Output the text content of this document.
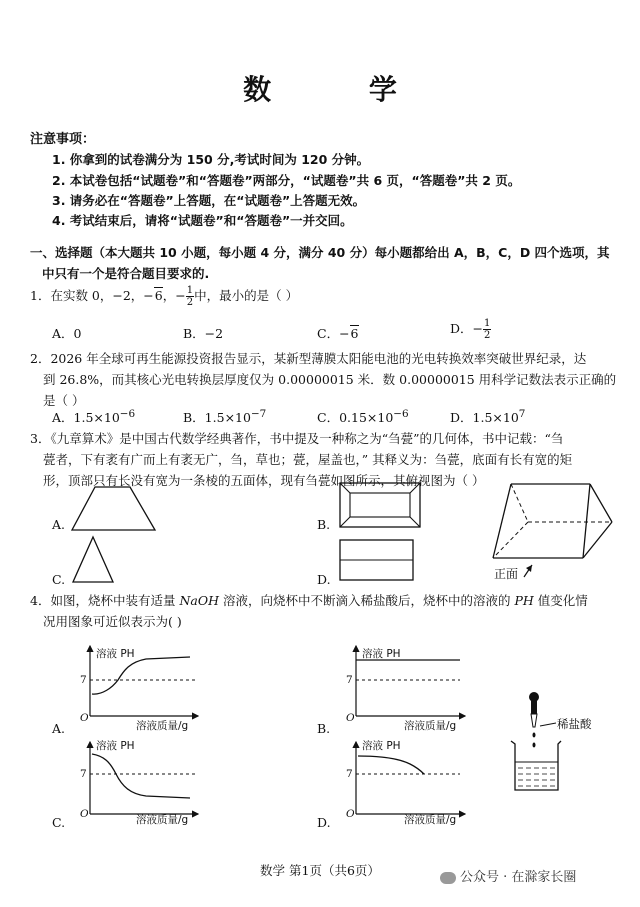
数 学
注意事项：
1. 你拿到的试卷满分为 150 分,考试时间为 120 分钟。
2. 本试卷包括“试题卷”和“答题卷”两部分，“试题卷”共 6 页，“答题卷”共 2 页。
3. 请务必在“答题卷”上答题，在“试题卷”上答题无效。
4. 考试结束后，请将“试题卷”和“答题卷”一并交回。
一、选择题（本大题共 10 小题，每小题 4 分，满分 40 分）每小题都给出 A，B，C，D 四个选项，其
中只有一个是符合题目要求的.
1．在实数 0，−2，−6，− $\frac{1}{2}$ 中，最小的是（ ）
A．0	B．−2	C．−6	D．− $\frac{1}{2}$
2．2026 年全球可再生能源投资报告显示，某新型薄膜太阳能电池的光电转换效率突破世界纪录，达
到 26.8%，而其核心光电转换层厚度仅为 0.00000015 米．数 0.00000015 用科学记数法表示正确的
是（ ）
A．$1.5\times 10^{-6}$	B．$1.5\times 10^{-7}$	C．$0.15\times 10^{-6}$	D．$1.5\times 10^7$
3．《九章算术》是中国古代数学经典著作，书中提及一种称之为“刍甍”的几何体，书中记载：“刍
甍者，下有袤有广而上有袤无广，刍，草也；甍，屋盖也，” 其释义为：刍甍，底面有长有宽的矩
形，顶部只有长没有宽为一条棱的五面体，现有刍甍如图所示，其俯视图为（ ）
A.	B.
C.	D.	正面
4．如图，烧杯中装有适量 NaOH 溶液，向烧杯中不断滴入稀盐酸后，烧杯中的溶液的 PH 值变化情
况用图象可近似表示为( )
溶液 PH
7
O
溶液质量/g
A.
溶液 PH
7
O
溶液质量/g
B.
溶液 PH
7
O	溶液质量/g
C.
溶液 PH
7
O	溶液质量/g
D.
稀盐酸
数学 第1页（共6页）	公众号 · 在滁家长圈
